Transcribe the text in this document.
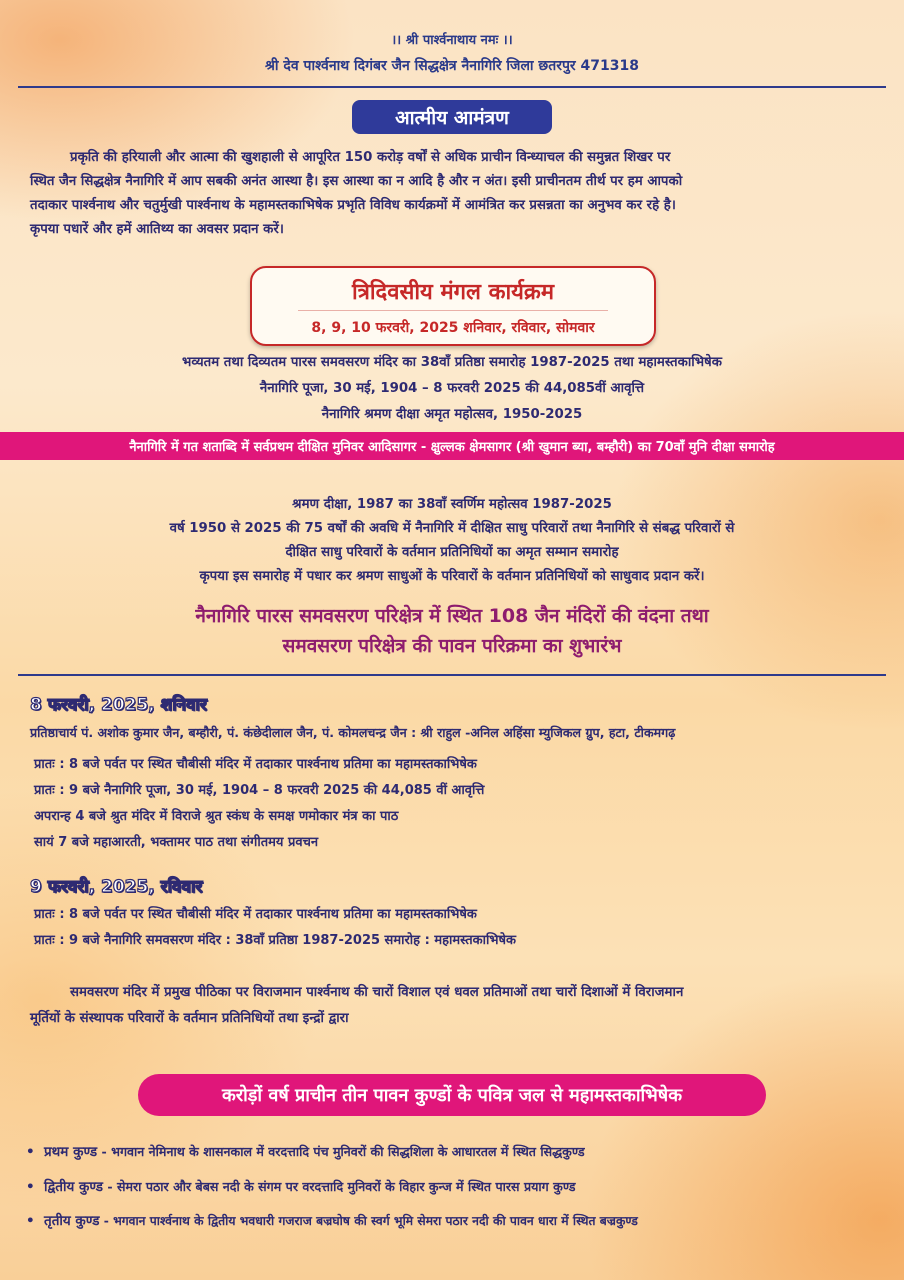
।। श्री पार्श्वनाथाय नमः ।।
श्री देव पार्श्वनाथ दिगंबर जैन सिद्धक्षेत्र नैनागिरि जिला छतरपुर 471318
आत्मीय आमंत्रण
प्रकृति की हरियाली और आत्मा की खुशहाली से आपूरित 150 करोड़ वर्षों से अधिक प्राचीन विन्ध्याचल की समुन्नत शिखर पर
स्थित जैन सिद्धक्षेत्र नैनागिरि में आप सबकी अनंत आस्था है। इस आस्था का न आदि है और न अंत। इसी प्राचीनतम तीर्थ पर हम आपको
तदाकार पार्श्वनाथ और चतुर्मुखी पार्श्वनाथ के महामस्तकाभिषेक प्रभृति विविध कार्यक्रमों में आमंत्रित कर प्रसन्नता का अनुभव कर रहे है।
कृपया पधारें और हमें आतिथ्य का अवसर प्रदान करें।
त्रिदिवसीय मंगल कार्यक्रम
8, 9, 10 फरवरी, 2025 शनिवार, रविवार, सोमवार
भव्यतम तथा दिव्यतम पारस समवसरण मंदिर का 38वाँ प्रतिष्ठा समारोह 1987-2025 तथा महामस्तकाभिषेक
नैनागिरि पूजा, 30 मई, 1904 – 8 फरवरी 2025 की 44,085वीं आवृत्ति
नैनागिरि श्रमण दीक्षा अमृत महोत्सव, 1950-2025
नैनागिरि में गत शताब्दि में सर्वप्रथम दीक्षित मुनिवर आदिसागर - क्षुल्लक क्षेमसागर (श्री खुमान ब्या, बम्हौरी) का 70वाँ मुनि दीक्षा समारोह
श्रमण दीक्षा, 1987 का 38वाँ स्वर्णिम महोत्सव 1987-2025
वर्ष 1950 से 2025 की 75 वर्षों की अवधि में नैनागिरि में दीक्षित साधु परिवारों तथा नैनागिरि से संबद्ध परिवारों से
दीक्षित साधु परिवारों के वर्तमान प्रतिनिधियों का अमृत सम्मान समारोह
कृपया इस समारोह में पधार कर श्रमण साधुओं के परिवारों के वर्तमान प्रतिनिधियों को साधुवाद प्रदान करें।
नैनागिरि पारस समवसरण परिक्षेत्र में स्थित 108 जैन मंदिरों की वंदना तथा
समवसरण परिक्षेत्र की पावन परिक्रमा का शुभारंभ
8 फरवरी, 2025, शनिवार
प्रतिष्ठाचार्य पं. अशोक कुमार जैन, बम्हौरी, पं. कंछेदीलाल जैन, पं. कोमलचन्द्र जैन : श्री राहुल -अनिल अहिंसा म्युजिकल ग्रुप, हटा, टीकमगढ़
प्रातः : 8 बजे पर्वत पर स्थित चौबीसी मंदिर में तदाकार पार्श्वनाथ प्रतिमा का महामस्तकाभिषेक
प्रातः : 9 बजे नैनागिरि पूजा, 30 मई, 1904 – 8 फरवरी 2025 की 44,085 वीं आवृत्ति
अपरान्ह 4 बजे श्रुत मंदिर में विराजे श्रुत स्कंध के समक्ष णमोकार मंत्र का पाठ
सायं 7 बजे महाआरती, भक्तामर पाठ तथा संगीतमय प्रवचन
9 फरवरी, 2025, रविवार
प्रातः : 8 बजे पर्वत पर स्थित चौबीसी मंदिर में तदाकार पार्श्वनाथ प्रतिमा का महामस्तकाभिषेक
प्रातः : 9 बजे नैनागिरि समवसरण मंदिर : 38वाँ प्रतिष्ठा 1987-2025 समारोह : महामस्तकाभिषेक
समवसरण मंदिर में प्रमुख पीठिका पर विराजमान पार्श्वनाथ की चारों विशाल एवं धवल प्रतिमाओं तथा चारों दिशाओं में विराजमान
मूर्तियों के संस्थापक परिवारों के वर्तमान प्रतिनिधियों तथा इन्द्रों द्वारा
करोड़ों वर्ष प्राचीन तीन पावन कुण्डों के पवित्र जल से महामस्तकाभिषेक
• प्रथम कुण्ड - भगवान नेमिनाथ के शासनकाल में वरदत्तादि पंच मुनिवरों की सिद्धशिला के आधारतल में स्थित सिद्धकुण्ड
• द्वितीय कुण्ड - सेमरा पठार और बेबस नदी के संगम पर वरदत्तादि मुनिवरों के विहार कुन्ज में स्थित पारस प्रयाग कुण्ड
• तृतीय कुण्ड - भगवान पार्श्वनाथ के द्वितीय भवधारी गजराज बज्रघोष की स्वर्ग भूमि सेमरा पठार नदी की पावन धारा में स्थित बज्रकुण्ड
